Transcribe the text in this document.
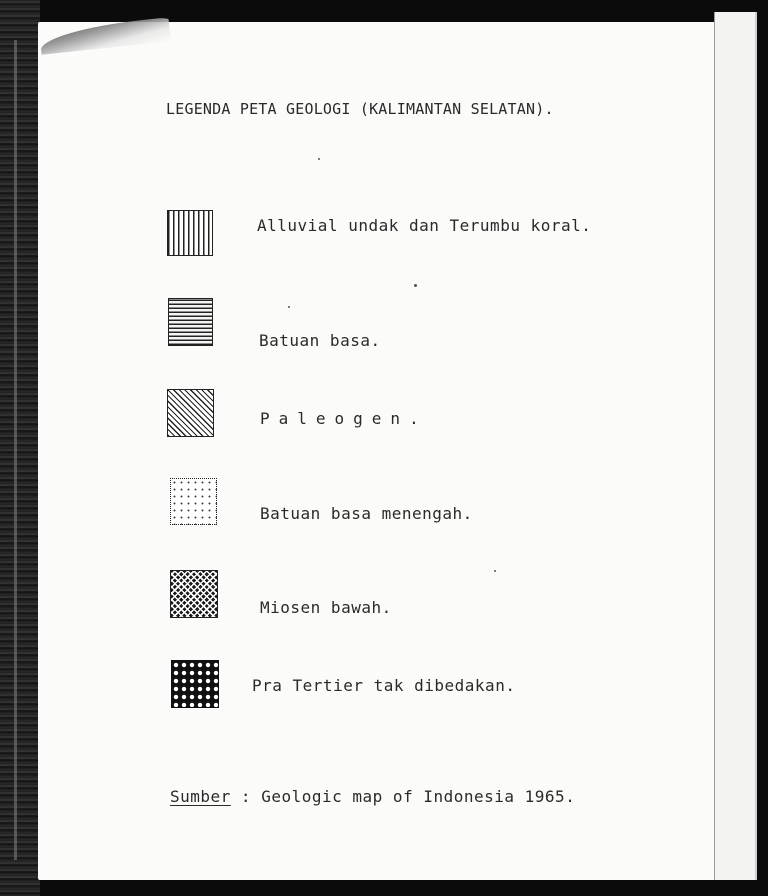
LEGENDA PETA GEOLOGI (KALIMANTAN SELATAN).
Alluvial undak dan Terumbu koral.
Batuan basa.
Paleogen.
Batuan basa menengah.
Miosen bawah.
Pra Tertier tak dibedakan.
Sumber : Geologic map of Indonesia 1965.
